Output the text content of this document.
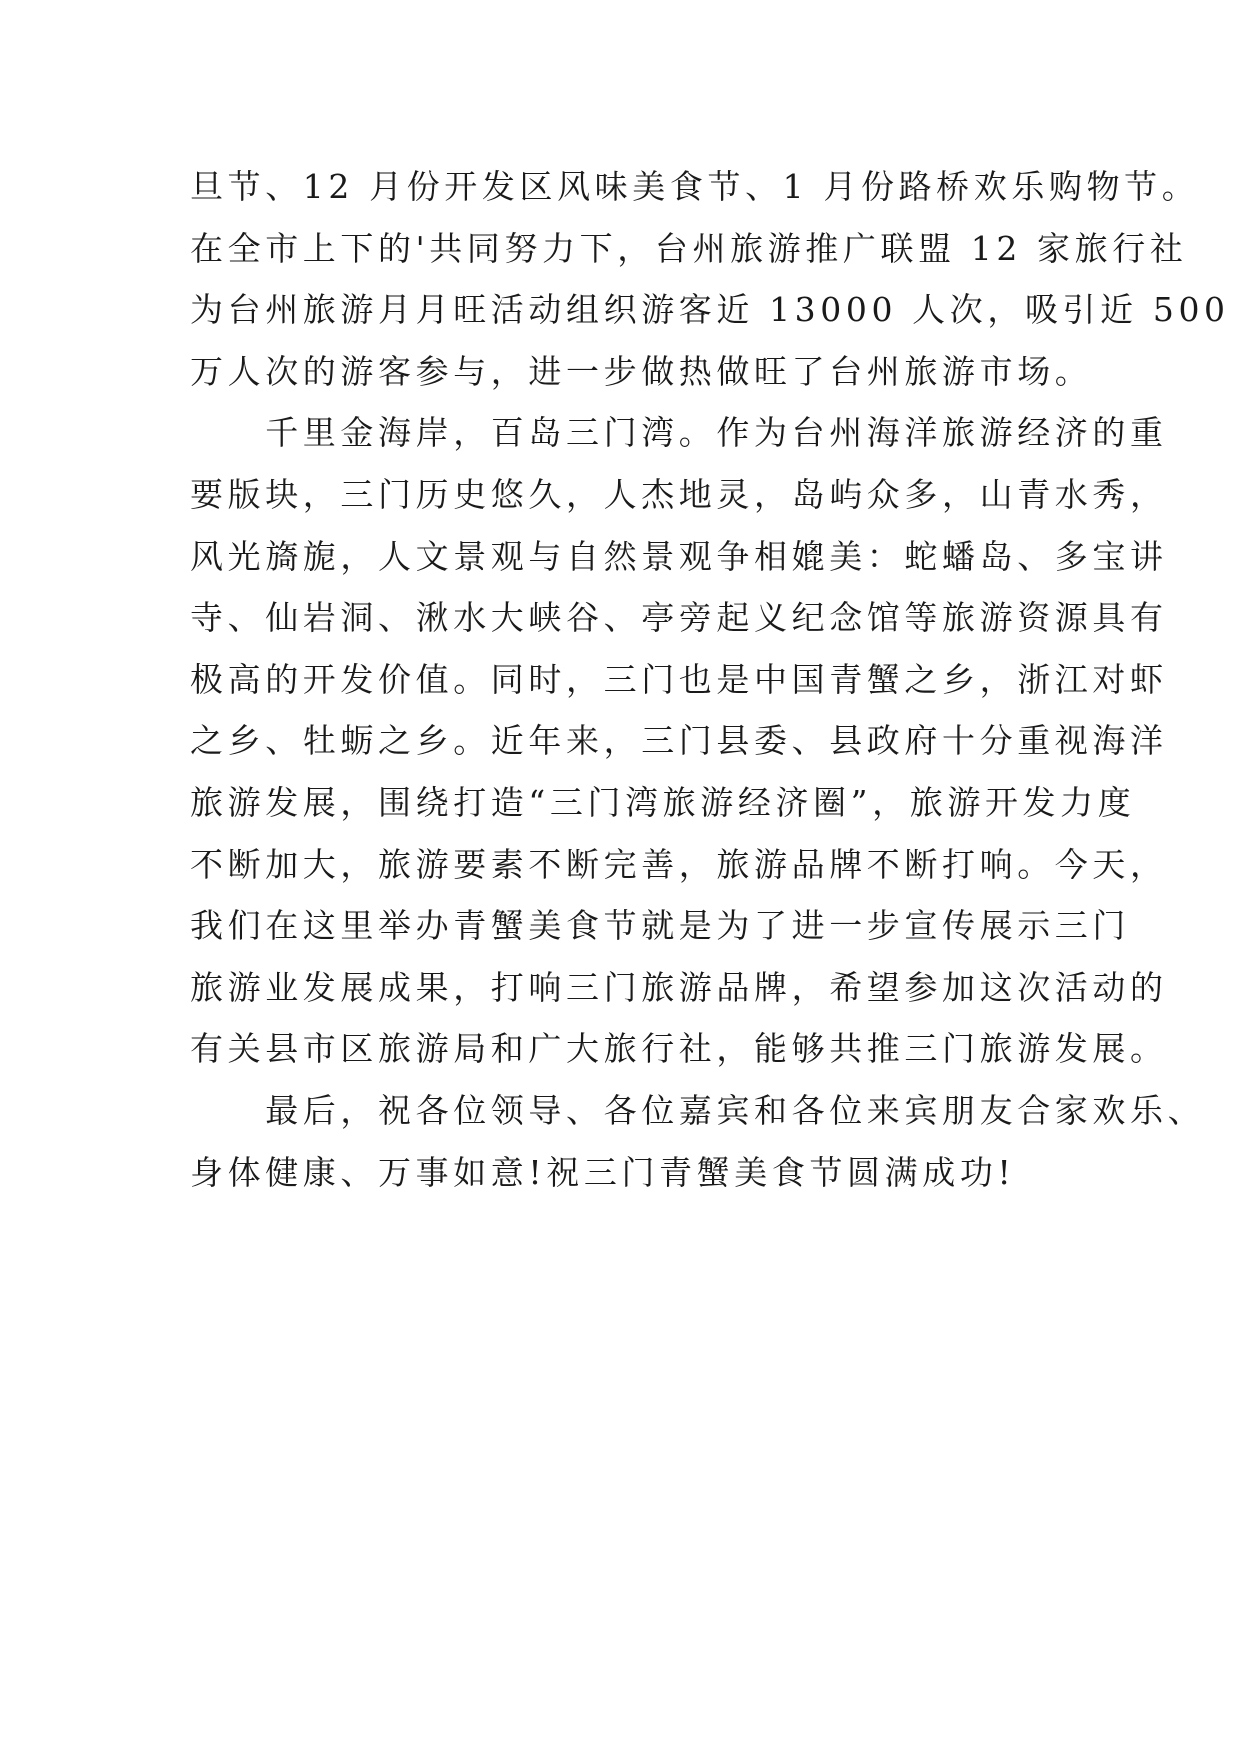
旦节、12 月份开发区风味美食节、1 月份路桥欢乐购物节。
在全市上下的'共同努力下，台州旅游推广联盟 12 家旅行社
为台州旅游月月旺活动组织游客近 13000 人次，吸引近 500
万人次的游客参与，进一步做热做旺了台州旅游市场。
　　千里金海岸，百岛三门湾。作为台州海洋旅游经济的重
要版块，三门历史悠久，人杰地灵，岛屿众多，山青水秀，
风光旖旎，人文景观与自然景观争相媲美：蛇蟠岛、多宝讲
寺、仙岩洞、湫水大峡谷、亭旁起义纪念馆等旅游资源具有
极高的开发价值。同时，三门也是中国青蟹之乡，浙江对虾
之乡、牡蛎之乡。近年来，三门县委、县政府十分重视海洋
旅游发展，围绕打造“三门湾旅游经济圈”，旅游开发力度
不断加大，旅游要素不断完善，旅游品牌不断打响。今天，
我们在这里举办青蟹美食节就是为了进一步宣传展示三门
旅游业发展成果，打响三门旅游品牌，希望参加这次活动的
有关县市区旅游局和广大旅行社，能够共推三门旅游发展。
　　最后，祝各位领导、各位嘉宾和各位来宾朋友合家欢乐、
身体健康、万事如意!祝三门青蟹美食节圆满成功!
